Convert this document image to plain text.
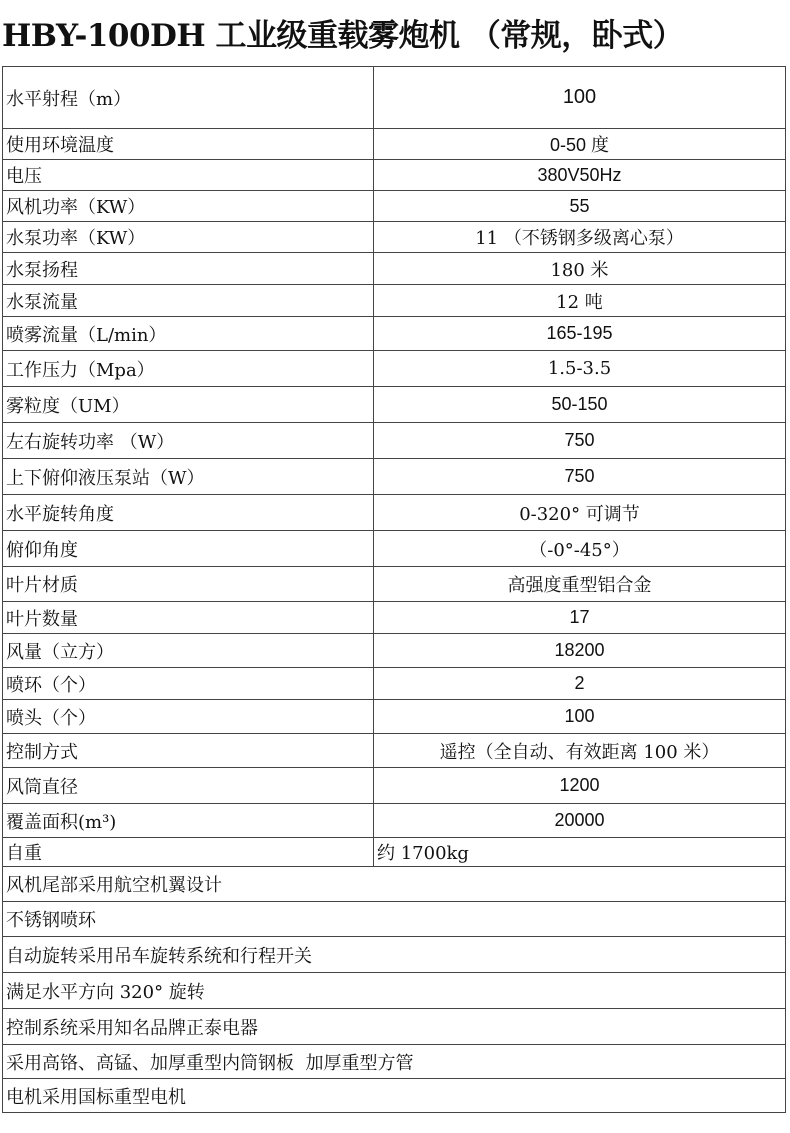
HBY-100DH 工业级重载雾炮机 （常规，卧式）
水平射程（m）	100
使用环境温度	0-50 度
电压	380V50Hz
风机功率（KW）	55
水泵功率（KW）	11 （不锈钢多级离心泵）
水泵扬程	180 米
水泵流量	12 吨
喷雾流量（L/min）	165-195
工作压力（Mpa）	1.5-3.5
雾粒度（UM）	50-150
左右旋转功率 （W）	750
上下俯仰液压泵站（W）	750
水平旋转角度	0-320° 可调节
俯仰角度	（-0°-45°）
叶片材质	高强度重型铝合金
叶片数量	17
风量（立方）	18200
喷环（个）	2
喷头（个）	100
控制方式	遥控（全自动、有效距离 100 米）
风筒直径	1200
覆盖面积(m³)	20000
自重	约 1700kg
风机尾部采用航空机翼设计	
不锈钢喷环	
自动旋转采用吊车旋转系统和行程开关	
满足水平方向 320° 旋转	
控制系统采用知名品牌正泰电器	
采用高铬、高锰、加厚重型内筒钢板  加厚重型方管	
电机采用国标重型电机	
